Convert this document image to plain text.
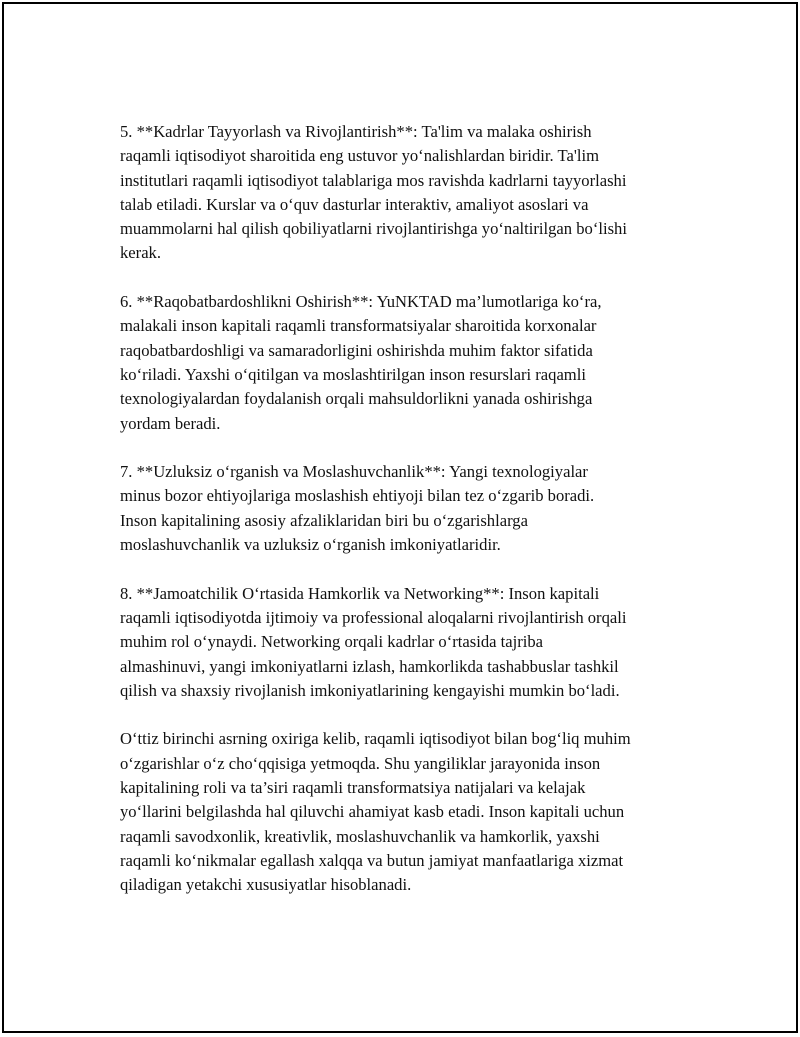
5. **Kadrlar Tayyorlash va Rivojlantirish**: Ta'lim va malaka oshirish
raqamli iqtisodiyot sharoitida eng ustuvor yoʻnalishlardan biridir. Ta'lim
institutlari raqamli iqtisodiyot talablariga mos ravishda kadrlarni tayyorlashi
talab etiladi. Kurslar va oʻquv dasturlar interaktiv, amaliyot asoslari va
muammolarni hal qilish qobiliyatlarni rivojlantirishga yoʻnaltirilgan boʻlishi
kerak.

6. **Raqobatbardoshlikni Oshirish**: YuNKTAD ma’lumotlariga koʻra,
malakali inson kapitali raqamli transformatsiyalar sharoitida korxonalar
raqobatbardoshligi va samaradorligini oshirishda muhim faktor sifatida
koʻriladi. Yaxshi oʻqitilgan va moslashtirilgan inson resurslari raqamli
texnologiyalardan foydalanish orqali mahsuldorlikni yanada oshirishga
yordam beradi.

7. **Uzluksiz oʻrganish va Moslashuvchanlik**: Yangi texnologiyalar
minus bozor ehtiyojlariga moslashish ehtiyoji bilan tez oʻzgarib boradi.
Inson kapitalining asosiy afzaliklaridan biri bu oʻzgarishlarga
moslashuvchanlik va uzluksiz oʻrganish imkoniyatlaridir.

8. **Jamoatchilik Oʻrtasida Hamkorlik va Networking**: Inson kapitali
raqamli iqtisodiyotda ijtimoiy va professional aloqalarni rivojlantirish orqali
muhim rol oʻynaydi. Networking orqali kadrlar oʻrtasida tajriba
almashinuvi, yangi imkoniyatlarni izlash, hamkorlikda tashabbuslar tashkil
qilish va shaxsiy rivojlanish imkoniyatlarining kengayishi mumkin boʻladi.

Oʻttiz birinchi asrning oxiriga kelib, raqamli iqtisodiyot bilan bogʻliq muhim
oʻzgarishlar oʻz choʻqqisiga yetmoqda. Shu yangiliklar jarayonida inson
kapitalining roli va ta’siri raqamli transformatsiya natijalari va kelajak
yoʻllarini belgilashda hal qiluvchi ahamiyat kasb etadi. Inson kapitali uchun
raqamli savodxonlik, kreativlik, moslashuvchanlik va hamkorlik, yaxshi
raqamli koʻnikmalar egallash xalqqa va butun jamiyat manfaatlariga xizmat
qiladigan yetakchi xususiyatlar hisoblanadi.
